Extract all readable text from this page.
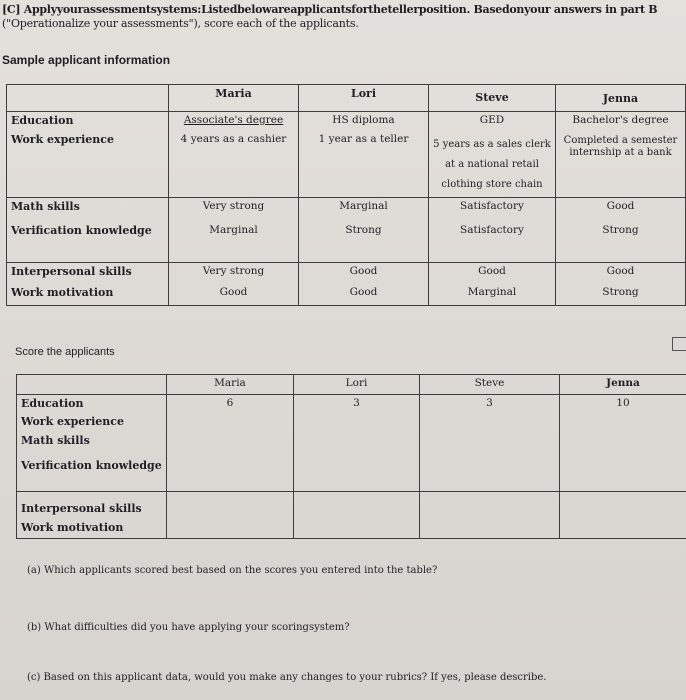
[C] Applyyourassessmentsystems:Listedbelowareapplicantsforthetellerposition. Basedonyour answers in part B
("Operationalize your assessments"), score each of the applicants.
Sample applicant information
	Maria	Lori	Steve	Jenna
Education	Associate's degree	HS diploma	GED	Bachelor's degree
Work experience	4 years as a cashier	1 year as a teller	5 years as a sales clerk at a national retail clothing store chain	Completed a semester internship at a bank
Math skills	Very strong	Marginal	Satisfactory	Good
Verification knowledge	Marginal	Strong	Satisfactory	Strong
Interpersonal skills	Very strong	Good	Good	Good
Work motivation	Good	Good	Marginal	Strong
Score the applicants
	Maria	Lori	Steve	Jenna
Education	6	3	3	10
Work experience				
Math skills				
Verification knowledge				
Interpersonal skills				
Work motivation				
(a) Which applicants scored best based on the scores you entered into the table?
(b) What difficulties did you have applying your scoringsystem?
(c) Based on this applicant data, would you make any changes to your rubrics? If yes, please describe.
